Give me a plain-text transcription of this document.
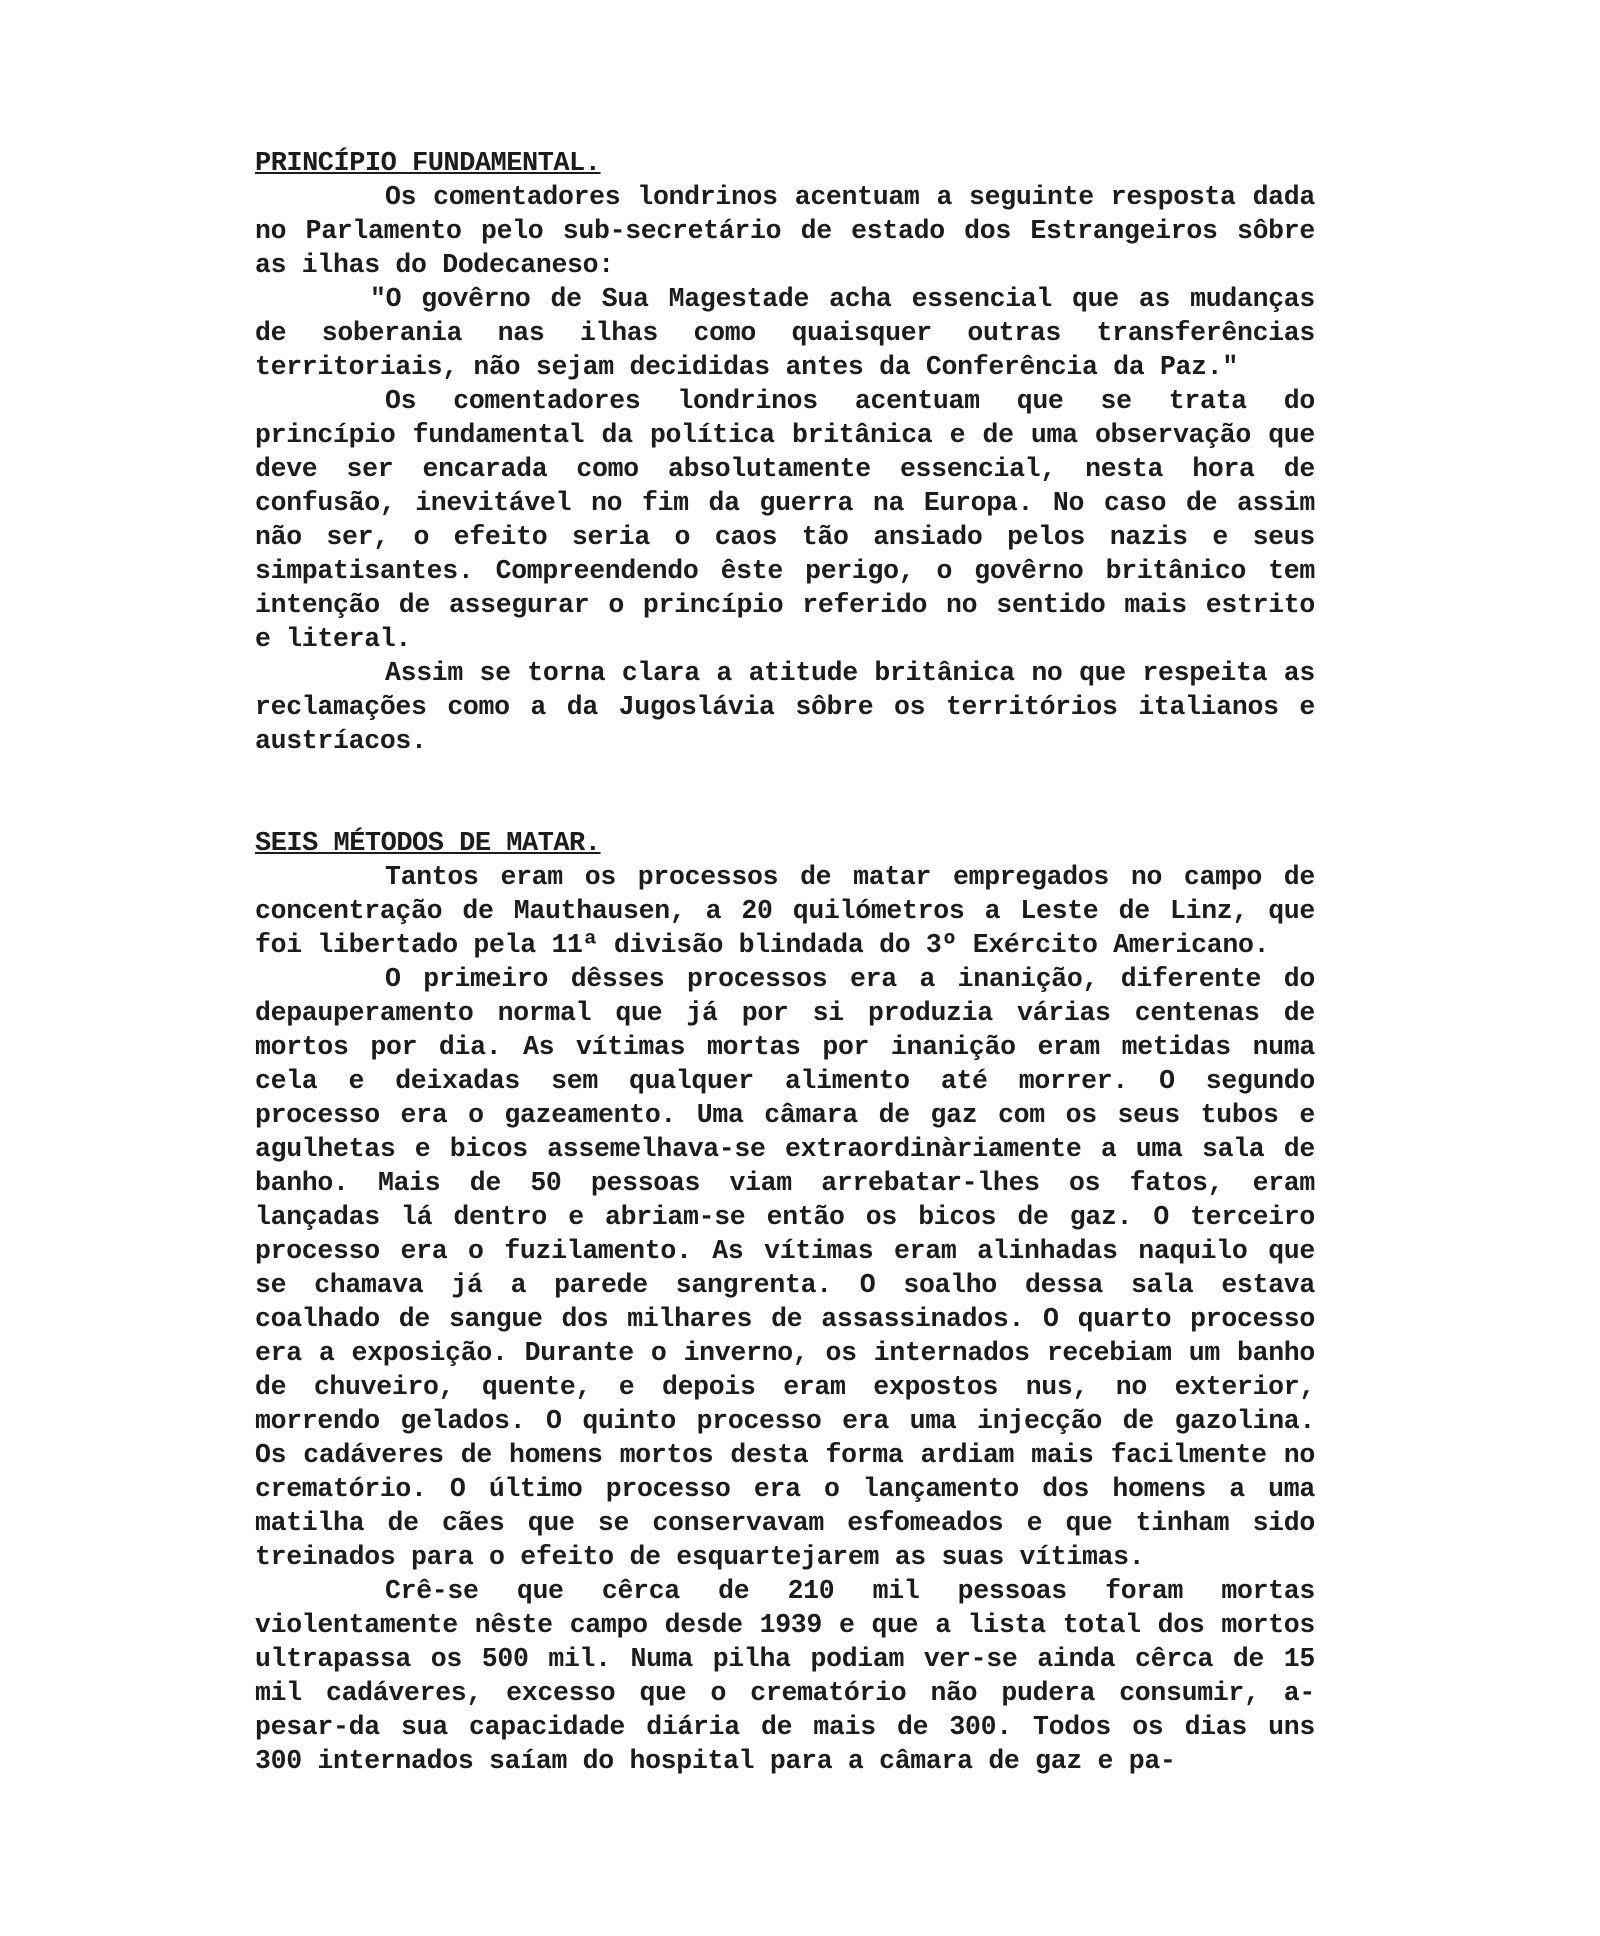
PRINCÍPIO FUNDAMENTAL.

Os comentadores londrinos acentuam a seguinte resposta dada no Parlamento pelo sub-secretário de estado dos Estrangeiros sôbre as ilhas do Dodecaneso:

"O govêrno de Sua Magestade acha essencial que as mudanças de soberania nas ilhas como quaisquer outras transferências territoriais, não sejam decididas antes da Conferência da Paz."

Os comentadores londrinos acentuam que se trata do princípio fundamental da política britânica e de uma observação que deve ser encarada como absolutamente essencial, nesta hora de confusão, inevitável no fim da guerra na Europa. No caso de assim não ser, o efeito seria o caos tão ansiado pelos nazis e seus simpatisantes. Compreendendo êste perigo, o govêrno britânico tem intenção de assegurar o princípio referido no sentido mais estrito e literal.

Assim se torna clara a atitude britânica no que respeita as reclamações como a da Jugoslávia sôbre os territórios italianos e austríacos.

SEIS MÉTODOS DE MATAR.

Tantos eram os processos de matar empregados no campo de concentração de Mauthausen, a 20 quilómetros a Leste de Linz, que foi libertado pela 11ª divisão blindada do 3º Exército Americano.

O primeiro dêsses processos era a inanição, diferente do depauperamento normal que já por si produzia várias centenas de mortos por dia. As vítimas mortas por inanição eram metidas numa cela e deixadas sem qualquer alimento até morrer. O segundo processo era o gazeamento. Uma câmara de gaz com os seus tubos e agulhetas e bicos assemelhava-se extraordinàriamente a uma sala de banho. Mais de 50 pessoas viam arrebatar-lhes os fatos, eram lançadas lá dentro e abriam-se então os bicos de gaz. O terceiro processo era o fuzilamento. As vítimas eram alinhadas naquilo que se chamava já a parede sangrenta. O soalho dessa sala estava coalhado de sangue dos milhares de assassinados. O quarto processo era a exposição. Durante o inverno, os internados recebiam um banho de chuveiro, quente, e depois eram expostos nus, no exterior, morrendo gelados. O quinto processo era uma injecção de gazolina. Os cadáveres de homens mortos desta forma ardiam mais facilmente no crematório. O último processo era o lançamento dos homens a uma matilha de cães que se conservavam esfomeados e que tinham sido treinados para o efeito de esquartejarem as suas vítimas.

Crê-se que cêrca de 210 mil pessoas foram mortas violentamente nêste campo desde 1939 e que a lista total dos mortos ultrapassa os 500 mil. Numa pilha podiam ver-se ainda cêrca de 15 mil cadáveres, excesso que o crematório não pudera consumir, a-pesar-da sua capacidade diária de mais de 300. Todos os dias uns 300 internados saíam do hospital para a câmara de gaz e pa-
